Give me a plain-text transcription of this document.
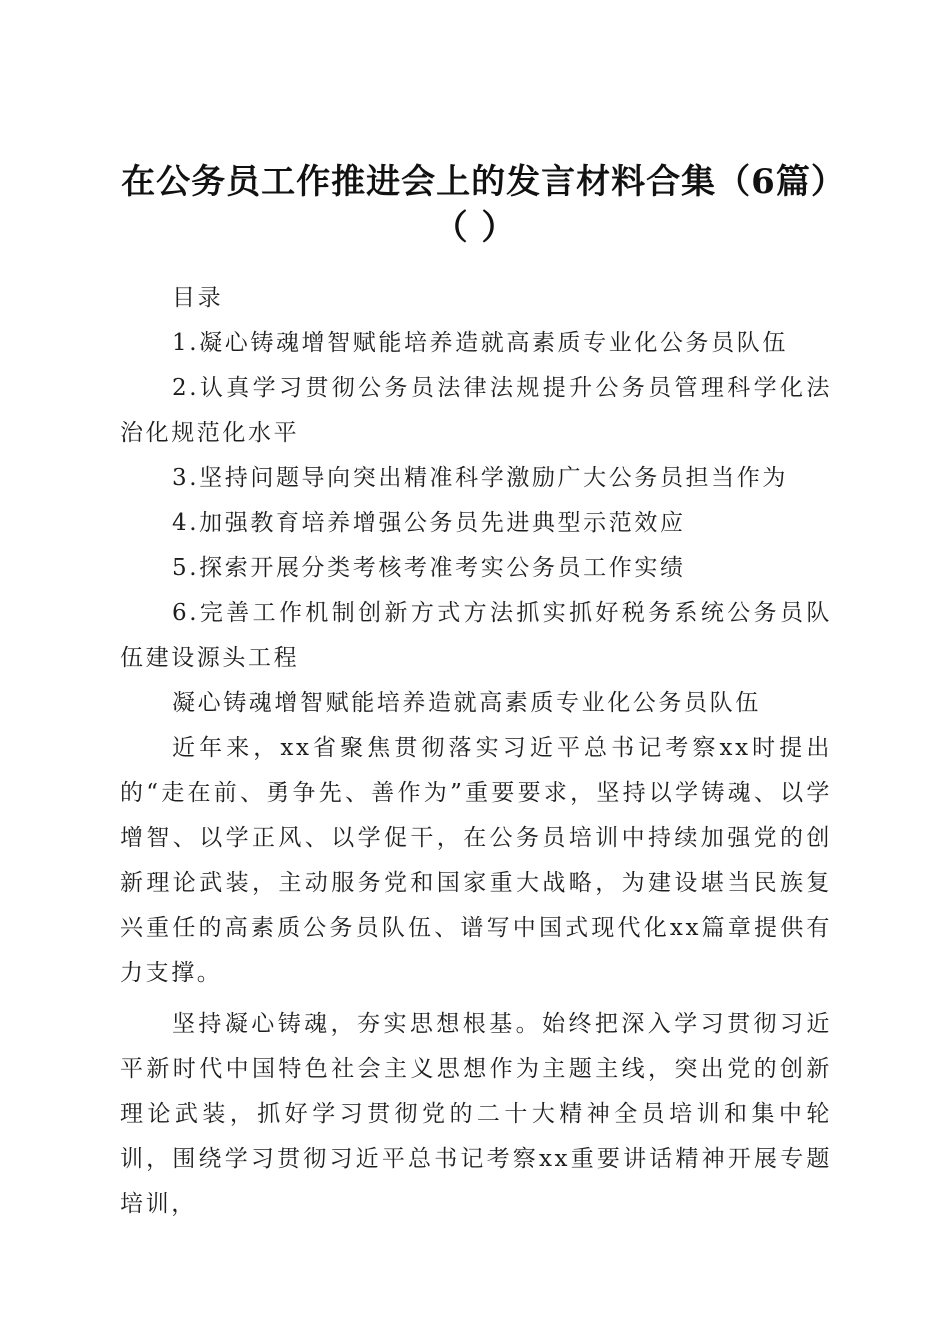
在公务员工作推进会上的发言材料合集（6篇）（ ）

目录

1.凝心铸魂增智赋能培养造就高素质专业化公务员队伍

2.认真学习贯彻公务员法律法规提升公务员管理科学化法治化规范化水平

3.坚持问题导向突出精准科学激励广大公务员担当作为

4.加强教育培养增强公务员先进典型示范效应

5.探索开展分类考核考准考实公务员工作实绩

6.完善工作机制创新方式方法抓实抓好税务系统公务员队伍建设源头工程

凝心铸魂增智赋能培养造就高素质专业化公务员队伍

近年来，xx省聚焦贯彻落实习近平总书记考察xx时提出的“走在前、勇争先、善作为”重要要求，坚持以学铸魂、以学增智、以学正风、以学促干，在公务员培训中持续加强党的创新理论武装，主动服务党和国家重大战略，为建设堪当民族复兴重任的高素质公务员队伍、谱写中国式现代化xx篇章提供有力支撑。

坚持凝心铸魂，夯实思想根基。始终把深入学习贯彻习近平新时代中国特色社会主义思想作为主题主线，突出党的创新理论武装，抓好学习贯彻党的二十大精神全员培训和集中轮训，围绕学习贯彻习近平总书记考察xx重要讲话精神开展专题培训，
